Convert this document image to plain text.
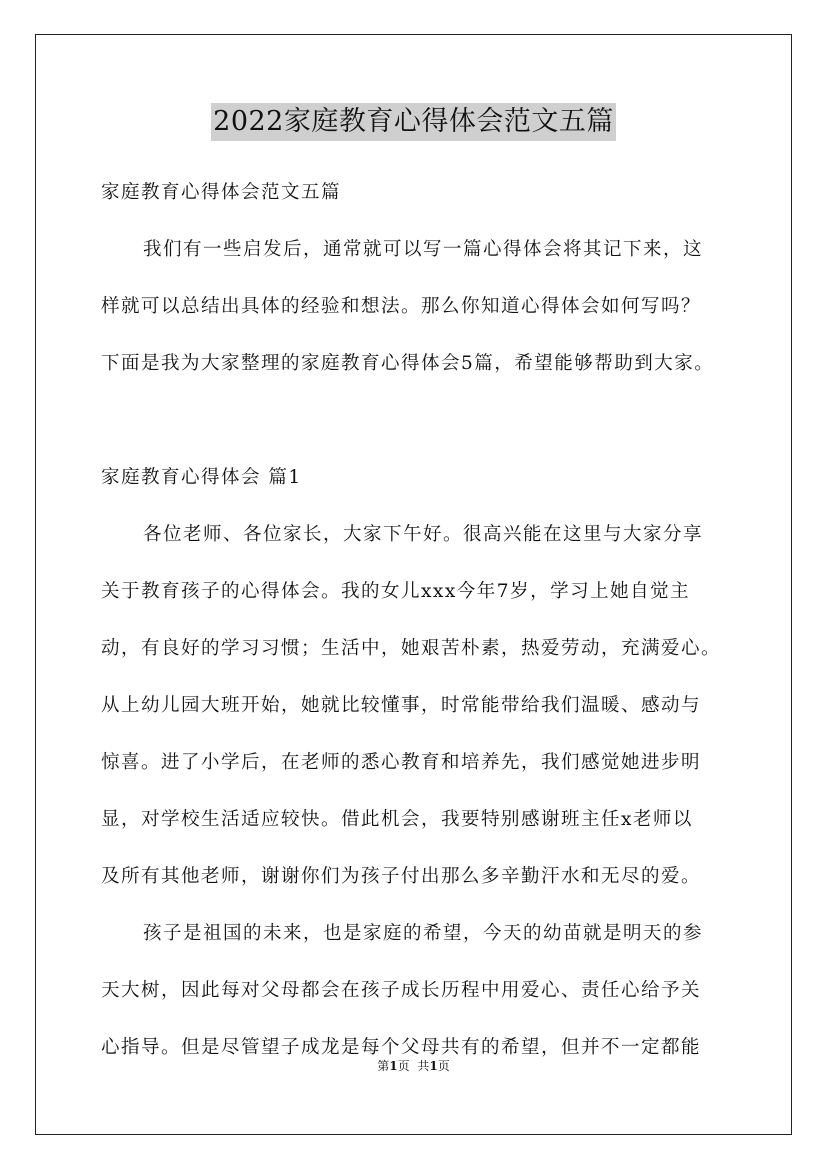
2022家庭教育心得体会范文五篇

家庭教育心得体会范文五篇

我们有一些启发后，通常就可以写一篇心得体会将其记下来，这

样就可以总结出具体的经验和想法。那么你知道心得体会如何写吗？

下面是我为大家整理的家庭教育心得体会5篇，希望能够帮助到大家。

家庭教育心得体会 篇1

各位老师、各位家长，大家下午好。很高兴能在这里与大家分享

关于教育孩子的心得体会。我的女儿xxx今年7岁，学习上她自觉主

动，有良好的学习习惯；生活中，她艰苦朴素，热爱劳动，充满爱心。

从上幼儿园大班开始，她就比较懂事，时常能带给我们温暖、感动与

惊喜。进了小学后，在老师的悉心教育和培养先，我们感觉她进步明

显，对学校生活适应较快。借此机会，我要特别感谢班主任x老师以

及所有其他老师，谢谢你们为孩子付出那么多辛勤汗水和无尽的爱。

孩子是祖国的未来，也是家庭的希望，今天的幼苗就是明天的参

天大树，因此每对父母都会在孩子成长历程中用爱心、责任心给予关

心指导。但是尽管望子成龙是每个父母共有的希望，但并不一定都能

第1页 共1页
